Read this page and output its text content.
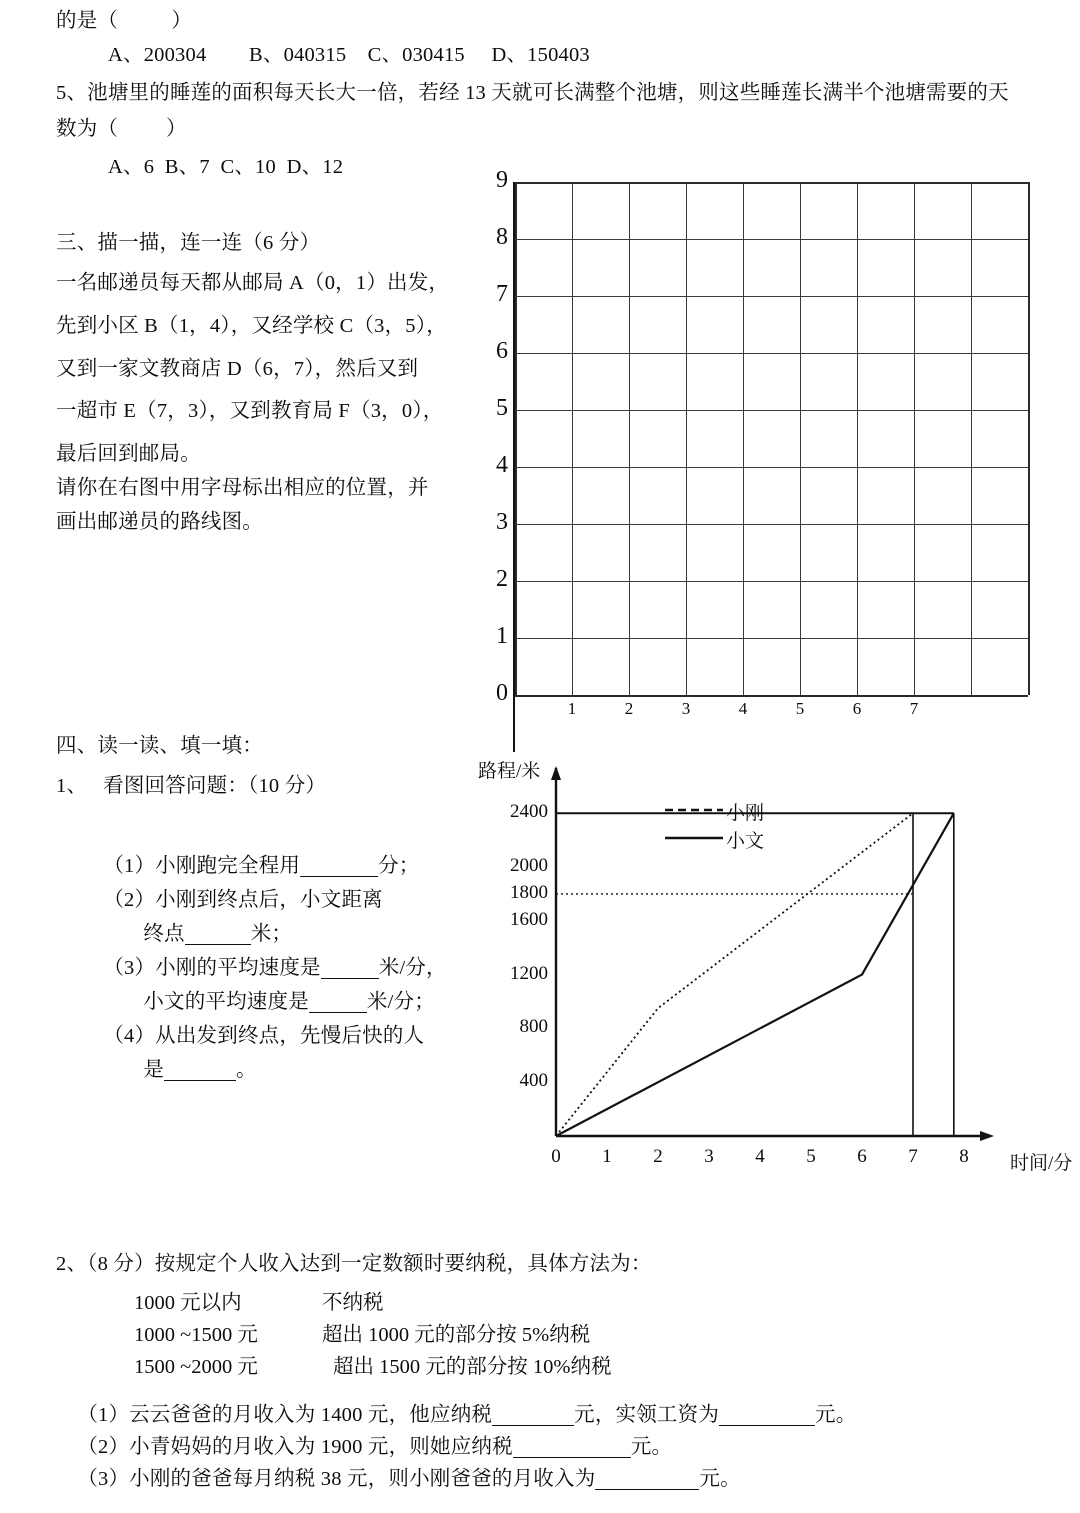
的是（          ）
A、200304        B、040315    C、030415     D、150403
5、池塘里的睡莲的面积每天长大一倍，若经 13 天就可长满整个池塘，则这些睡莲长满半个池塘需要的天
数为（         ）
A、6  B、7  C、10  D、12
三、描一描，连一连（6 分）
一名邮递员每天都从邮局 A（0，1）出发，
先到小区 B（1，4），又经学校 C（3，5），
又到一家文教商店 D（6，7），然后又到
一超市 E（7，3），又到教育局 F（3，0），
最后回到邮局。
请你在右图中用字母标出相应的位置，并
画出邮递员的路线图。
9
8
7
6
5
4
3
2
1
0
1	2	3	4	5	6	7
四、读一读、填一填：
1、   看图回答问题：（10 分）

（1）小刚跑完全程用	分；

（2）小刚到终点后，小文距离

终点	米；

（3）小刚的平均速度是	米/分，

小文的平均速度是	米/分；

（4）从出发到终点，先慢后快的人

是	。

路程/米
时间/分
400
800
1200
1600
1800
2000
2400
0	1	2	3	4	5	6	7	8
小刚
小文
2、（8 分）按规定个人收入达到一定数额时要纳税，具体方法为：
1000 元以内	不纳税
1000 ~1500 元	超出 1000 元的部分按 5%纳税
1500 ~2000 元	超出 1500 元的部分按 10%纳税

（1）云云爸爸的月收入为 1400 元，他应纳税	元，实领工资为	元。

（2）小青妈妈的月收入为 1900 元，则她应纳税	元。

（3）小刚的爸爸每月纳税 38 元，则小刚爸爸的月收入为	元。
